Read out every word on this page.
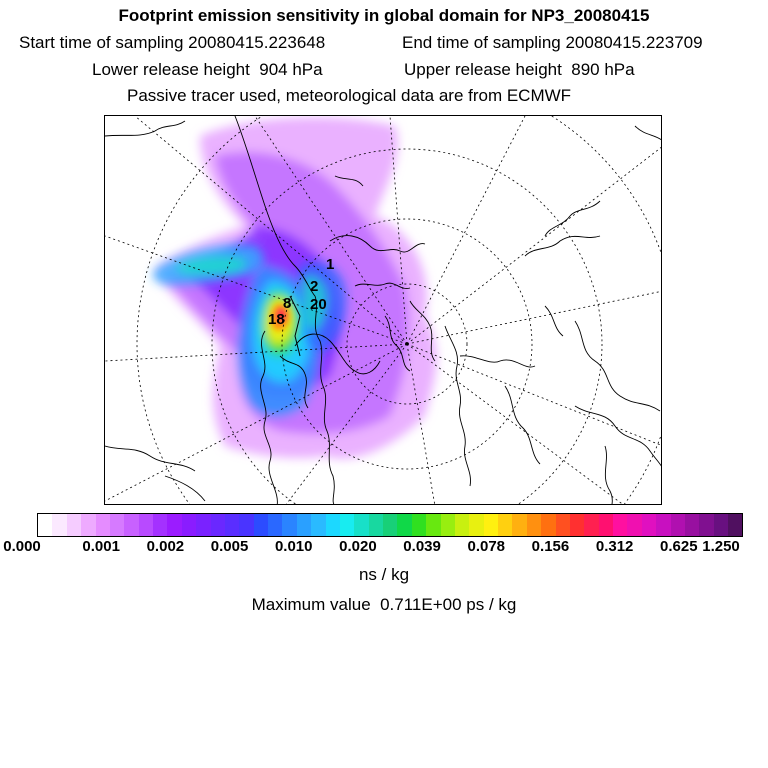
Footprint emission sensitivity in global domain for NP3_20080415
Start time of sampling 20080415.223648	End time of sampling 20080415.223709
Lower release height  904 hPa	Upper release height  890 hPa
Passive tracer used, meteorological data are from ECMWF
1
2
20
18
8
0.000	0.001 0.002 0.005 0.010 0.020 0.039 0.078 0.156 0.312 0.625 1.250
ns / kg
Maximum value  0.711E+00 ps / kg
